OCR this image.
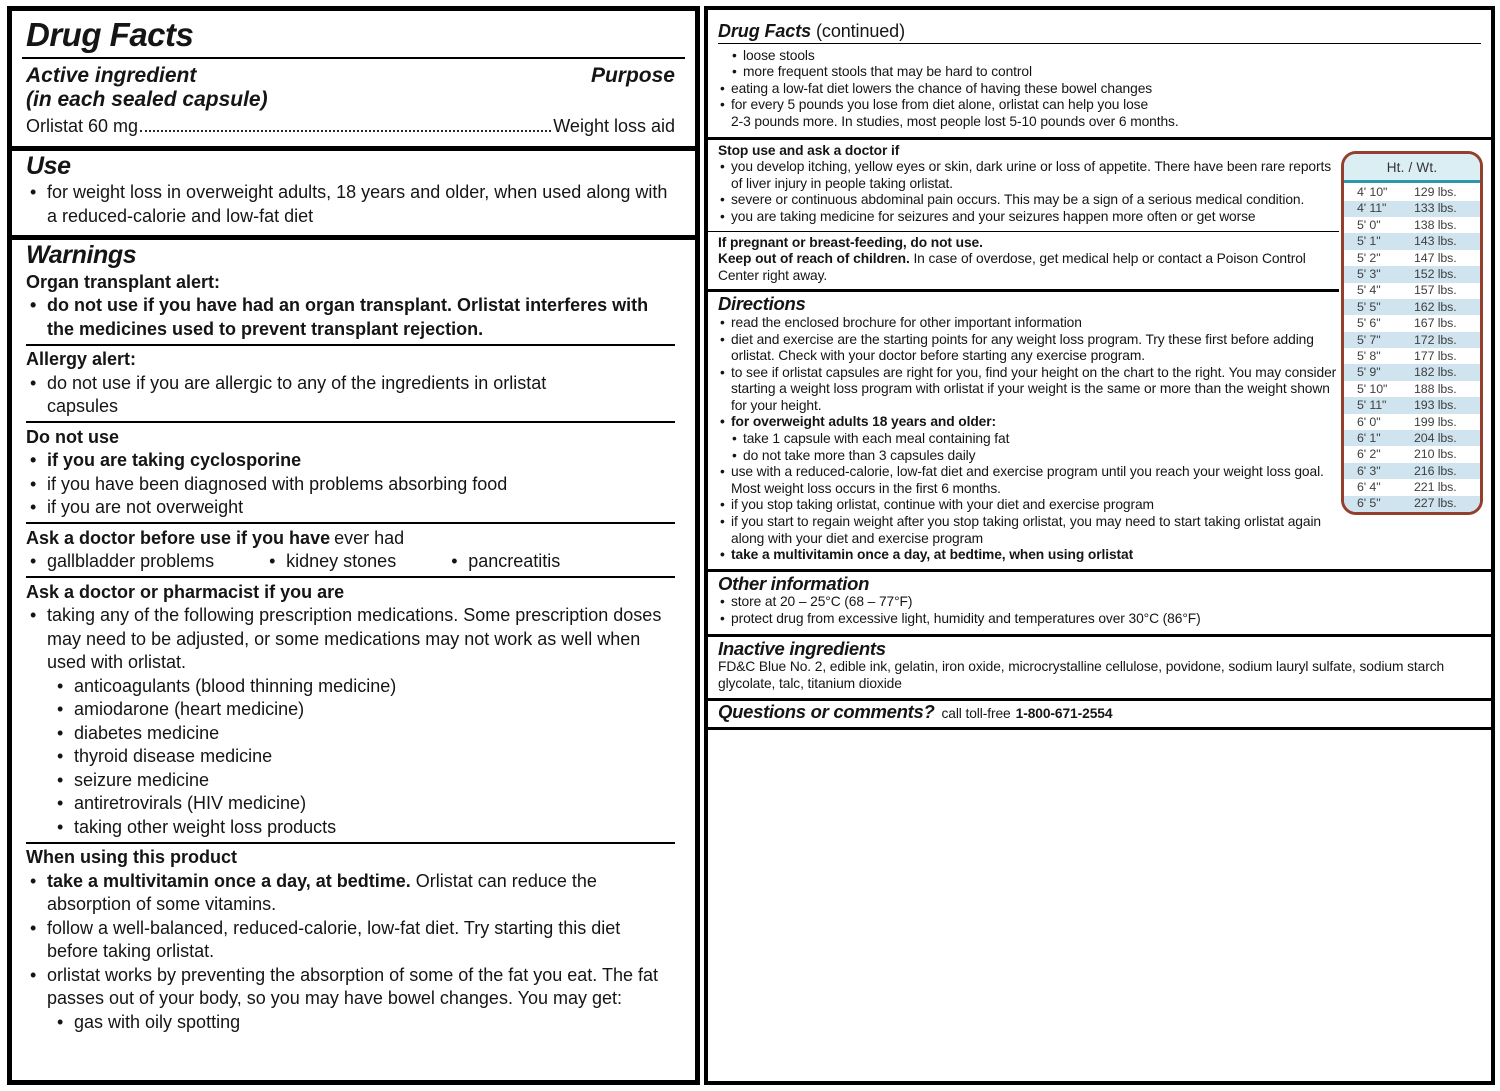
Drug Facts
Active ingredient
(in each sealed capsule)
Purpose
Orlistat 60 mg	Weight loss aid
Use
• for weight loss in overweight adults, 18 years and older, when used along with a reduced-calorie and low-fat diet
Warnings
Organ transplant alert:
• do not use if you have had an organ transplant. Orlistat interferes with the medicines used to prevent transplant rejection.
Allergy alert:
• do not use if you are allergic to any of the ingredients in orlistat capsules
Do not use
• if you are taking cyclosporine
• if you have been diagnosed with problems absorbing food
• if you are not overweight
Ask a doctor before use if you have ever had
• gallbladder problems	• kidney stones	• pancreatitis
Ask a doctor or pharmacist if you are
• taking any of the following prescription medications. Some prescription doses may need to be adjusted, or some medications may not work as well when used with orlistat.
• anticoagulants (blood thinning medicine)
• amiodarone (heart medicine)
• diabetes medicine
• thyroid disease medicine
• seizure medicine
• antiretrovirals (HIV medicine)
• taking other weight loss products
When using this product
• take a multivitamin once a day, at bedtime. Orlistat can reduce the absorption of some vitamins.
• follow a well-balanced, reduced-calorie, low-fat diet. Try starting this diet before taking orlistat.
• orlistat works by preventing the absorption of some of the fat you eat. The fat passes out of your body, so you may have bowel changes. You may get:
• gas with oily spotting
Drug Facts (continued)
• loose stools
• more frequent stools that may be hard to control
• eating a low-fat diet lowers the chance of having these bowel changes
• for every 5 pounds you lose from diet alone, orlistat can help you lose
2-3 pounds more. In studies, most people lost 5-10 pounds over 6 months.
Stop use and ask a doctor if
• you develop itching, yellow eyes or skin, dark urine or loss of appetite. There have been rare reports of liver injury in people taking orlistat.
• severe or continuous abdominal pain occurs. This may be a sign of a serious medical condition.
• you are taking medicine for seizures and your seizures happen more often or get worse
If pregnant or breast-feeding, do not use.
Keep out of reach of children. In case of overdose, get medical help or contact a Poison Control Center right away.
Directions
• read the enclosed brochure for other important information
• diet and exercise are the starting points for any weight loss program. Try these first before adding orlistat. Check with your doctor before starting any exercise program.
• to see if orlistat capsules are right for you, find your height on the chart to the right. You may consider starting a weight loss program with orlistat if your weight is the same or more than the weight shown for your height.
• for overweight adults 18 years and older:
• take 1 capsule with each meal containing fat
• do not take more than 3 capsules daily
• use with a reduced-calorie, low-fat diet and exercise program until you reach your weight loss goal. Most weight loss occurs in the first 6 months.
• if you stop taking orlistat, continue with your diet and exercise program
• if you start to regain weight after you stop taking orlistat, you may need to start taking orlistat again along with your diet and exercise program
• take a multivitamin once a day, at bedtime, when using orlistat
Ht. / Wt.
4' 10"	129 lbs.
4' 11"	133 lbs.
5' 0"	138 lbs.
5' 1"	143 lbs.
5' 2"	147 lbs.
5' 3"	152 lbs.
5' 4"	157 lbs.
5' 5"	162 lbs.
5' 6"	167 lbs.
5' 7"	172 lbs.
5' 8"	177 lbs.
5' 9"	182 lbs.
5' 10"	188 lbs.
5' 11"	193 lbs.
6' 0"	199 lbs.
6' 1"	204 lbs.
6' 2"	210 lbs.
6' 3"	216 lbs.
6' 4"	221 lbs.
6' 5"	227 lbs.
Other information
• store at 20 – 25°C (68 – 77°F)
• protect drug from excessive light, humidity and temperatures over 30°C (86°F)
Inactive ingredients
FD&C Blue No. 2, edible ink, gelatin, iron oxide, microcrystalline cellulose, povidone, sodium lauryl sulfate, sodium starch glycolate, talc, titanium dioxide
Questions or comments? call toll-free 1-800-671-2554
